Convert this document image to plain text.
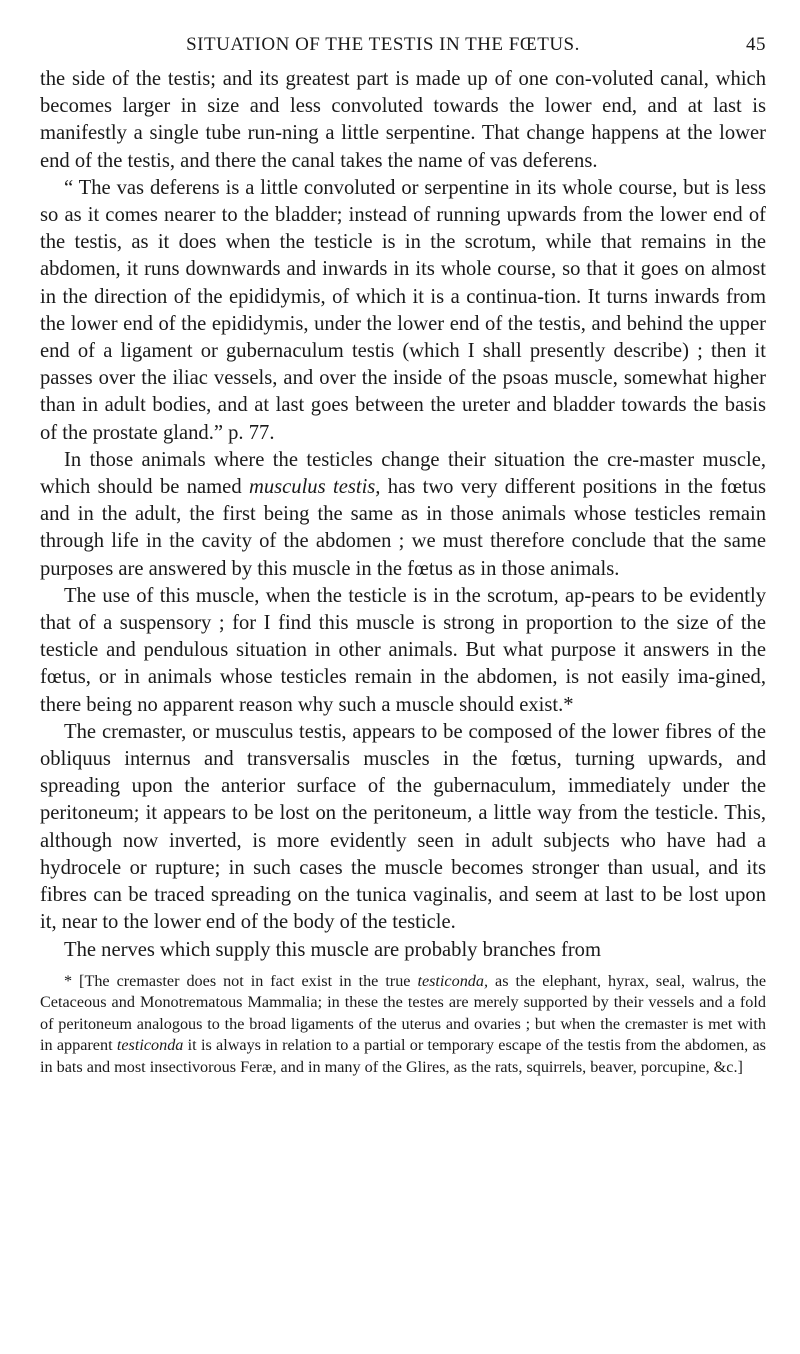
SITUATION OF THE TESTIS IN THE FŒTUS.	45

the side of the testis; and its greatest part is made up of one con-voluted canal, which becomes larger in size and less convoluted towards the lower end, and at last is manifestly a single tube run-ning a little serpentine. That change happens at the lower end of the testis, and there the canal takes the name of vas deferens.

“ The vas deferens is a little convoluted or serpentine in its whole course, but is less so as it comes nearer to the bladder; instead of running upwards from the lower end of the testis, as it does when the testicle is in the scrotum, while that remains in the abdomen, it runs downwards and inwards in its whole course, so that it goes on almost in the direction of the epididymis, of which it is a continua-tion. It turns inwards from the lower end of the epididymis, under the lower end of the testis, and behind the upper end of a ligament or gubernaculum testis (which I shall presently describe) ; then it passes over the iliac vessels, and over the inside of the psoas muscle, somewhat higher than in adult bodies, and at last goes between the ureter and bladder towards the basis of the prostate gland.” p. 77.

In those animals where the testicles change their situation the cre-master muscle, which should be named musculus testis, has two very different positions in the fœtus and in the adult, the first being the same as in those animals whose testicles remain through life in the cavity of the abdomen ; we must therefore conclude that the same purposes are answered by this muscle in the fœtus as in those animals.

The use of this muscle, when the testicle is in the scrotum, ap-pears to be evidently that of a suspensory ; for I find this muscle is strong in proportion to the size of the testicle and pendulous situation in other animals. But what purpose it answers in the fœtus, or in animals whose testicles remain in the abdomen, is not easily ima-gined, there being no apparent reason why such a muscle should exist.*

The cremaster, or musculus testis, appears to be composed of the lower fibres of the obliquus internus and transversalis muscles in the fœtus, turning upwards, and spreading upon the anterior surface of the gubernaculum, immediately under the peritoneum; it appears to be lost on the peritoneum, a little way from the testicle. This, although now inverted, is more evidently seen in adult subjects who have had a hydrocele or rupture; in such cases the muscle becomes stronger than usual, and its fibres can be traced spreading on the tunica vaginalis, and seem at last to be lost upon it, near to the lower end of the body of the testicle.

The nerves which supply this muscle are probably branches from

* [The cremaster does not in fact exist in the true testiconda, as the elephant, hyrax, seal, walrus, the Cetaceous and Monotrematous Mammalia; in these the testes are merely supported by their vessels and a fold of peritoneum analogous to the broad ligaments of the uterus and ovaries ; but when the cremaster is met with in apparent testiconda it is always in relation to a partial or temporary escape of the testis from the abdomen, as in bats and most insectivorous Feræ, and in many of the Glires, as the rats, squirrels, beaver, porcupine, &c.]
